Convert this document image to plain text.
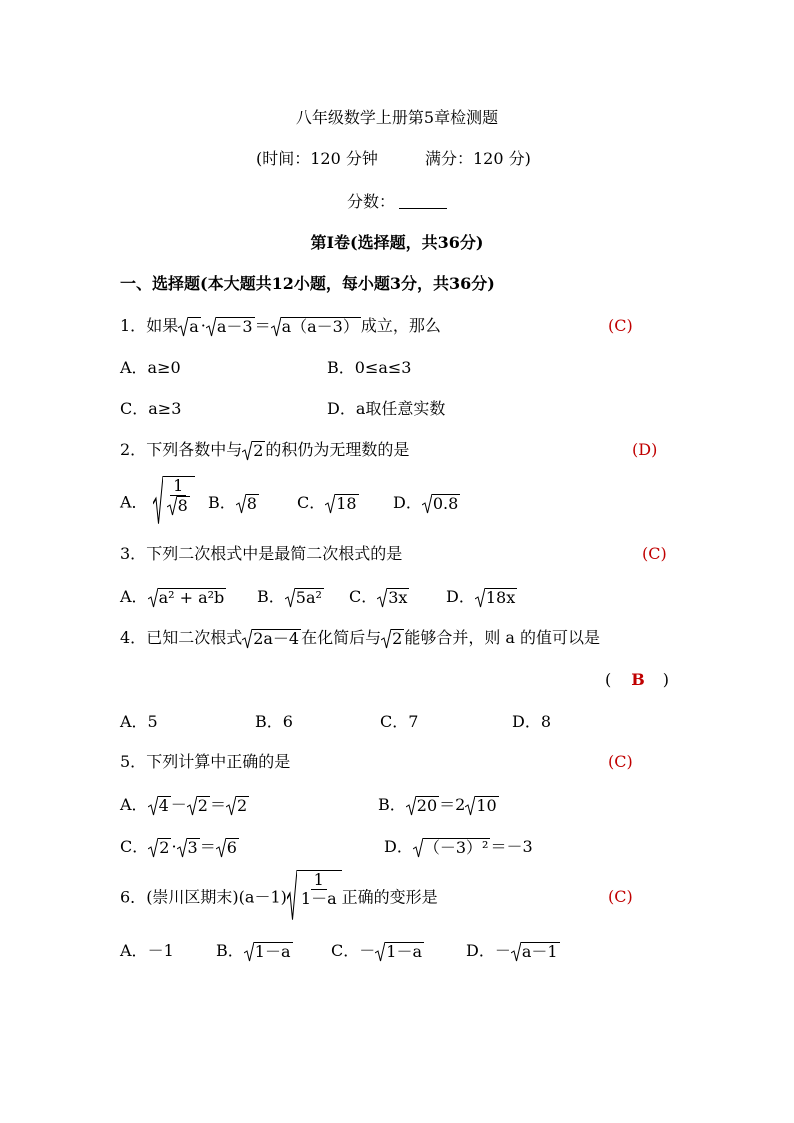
八年级数学上册第5章检测题
(时间：120 分钟	满分：120 分)
分数：
第Ⅰ卷(选择题，共36分)
一、选择题(本大题共12小题，每小题3分，共36分)
1．如果 a · a－3 ＝ a（a－3） 成立，那么	(C)
A．a≥0	B．0≤a≤3
C．a≥3	D．a取任意实数
2．下列各数中与 2 的积仍为无理数的是	(D)
A． $\frac{1}{8}$ B． 8	C． 18 D． 0.8
3．下列二次根式中是最简二次根式的是	(C)
A． a² + a²b B． 5a² C． 3x D． 18x
4．已知二次根式 2a－4 在化简后与 2 能够合并，则 a 的值可以是
( B )
A．5	B．6	C．7	D．8
5．下列计算中正确的是	(C)
A． 4 － 2 ＝ 2	B． 20 ＝2 10
C． 2 · 3 ＝ 6	D． （－3）² ＝－3
6．(崇川区期末)$(a-1) \frac{1}{1-a}$ 正确的变形是	(C)
A．－1	B． 1－a	C．－ 1－a	D．－ a－1
